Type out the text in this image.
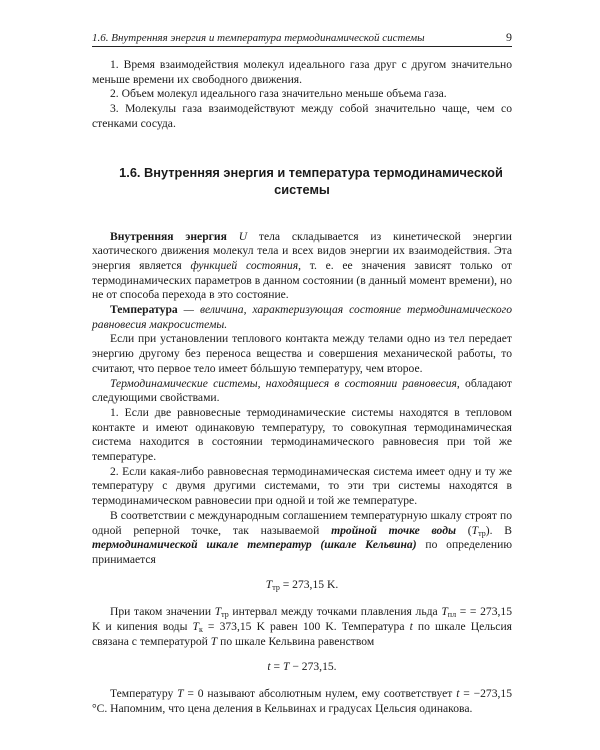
1.6. Внутренняя энергия и температура термодинамической системы	9

1. Время взаимодействия молекул идеального газа друг с другом значительно меньше времени их свободного движения.

2. Объем молекул идеального газа значительно меньше объема газа.

3. Молекулы газа взаимодействуют между собой значительно чаще, чем со стенками сосуда.

1.6. Внутренняя энергия и температура термодинамической системы

Внутренняя энергия U тела складывается из кинетической энергии хаотического движения молекул тела и всех видов энергии их взаимодействия. Эта энергия является функцией состояния, т. е. ее значения зависят только от термодинамических параметров в данном состоянии (в данный момент времени), но не от способа перехода в это состояние.

Температура — величина, характеризующая состояние термодинамического равновесия макросистемы.

Если при установлении теплового контакта между телами одно из тел передает энергию другому без переноса вещества и совершения механической работы, то считают, что первое тело имеет бóльшую температуру, чем второе.

Термодинамические системы, находящиеся в состоянии равновесия, обладают следующими свойствами.

1. Если две равновесные термодинамические системы находятся в тепловом контакте и имеют одинаковую температуру, то совокупная термодинамическая система находится в состоянии термодинамического равновесия при той же температуре.

2. Если какая-либо равновесная термодинамическая система имеет одну и ту же температуру с двумя другими системами, то эти три системы находятся в термодинамическом равновесии при одной и той же температуре.

В соответствии с международным соглашением температурную шкалу строят по одной реперной точке, так называемой тройной точке воды $(T_{тр})$. В термодинамической шкале температур (шкале Кельвина) по определению принимается

$T_{тр} = 273,15$ K.

При таком значении $T_{тр}$ интервал между точками плавления льда $T_{пл}$ = = 273,15 K и кипения воды $T_к = 373,15$ K равен 100 K. Температура t по шкале Цельсия связана с температурой T по шкале Кельвина равенством

t = T − 273,15.

Температуру T = 0 называют абсолютным нулем, ему соответствует t = −273,15 °C. Напомним, что цена деления в Кельвинах и градусах Цельсия одинакова.
